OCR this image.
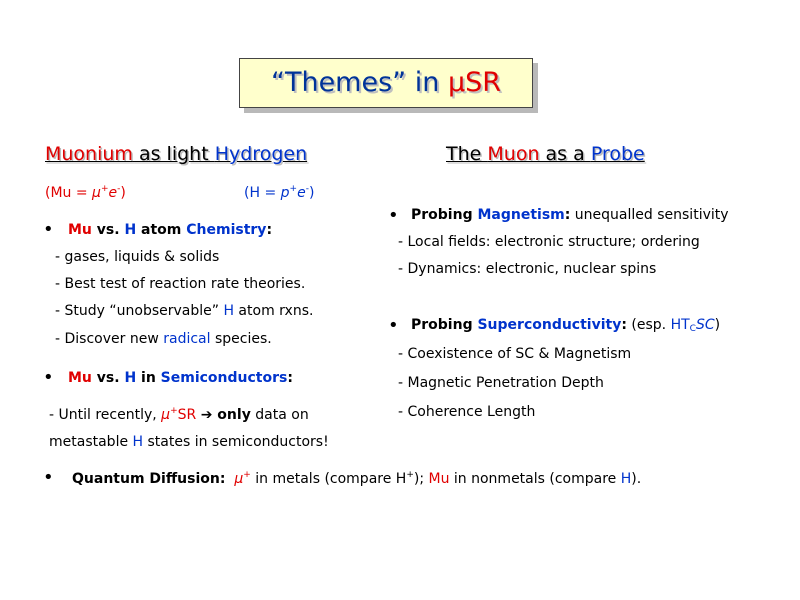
“Themes” in µSR
Muonium as light Hydrogen
(Mu = µ+e-)	(H = p+e-)
• Mu vs. H atom Chemistry:
- gases, liquids & solids
- Best test of reaction rate theories.
- Study “unobservable” H atom rxns.
- Discover new radical species.
• Mu vs. H in Semiconductors:
- Until recently, µ+SR ➔ only data on
metastable H states in semiconductors!
The Muon as a Probe
• Probing Magnetism: unequalled sensitivity
- Local fields: electronic structure; ordering
- Dynamics: electronic, nuclear spins
• Probing Superconductivity: (esp. $HT_CSC$)
- Coexistence of SC & Magnetism
- Magnetic Penetration Depth
- Coherence Length
• Quantum Diffusion: µ+ in metals (compare H+); Mu in nonmetals (compare H).
